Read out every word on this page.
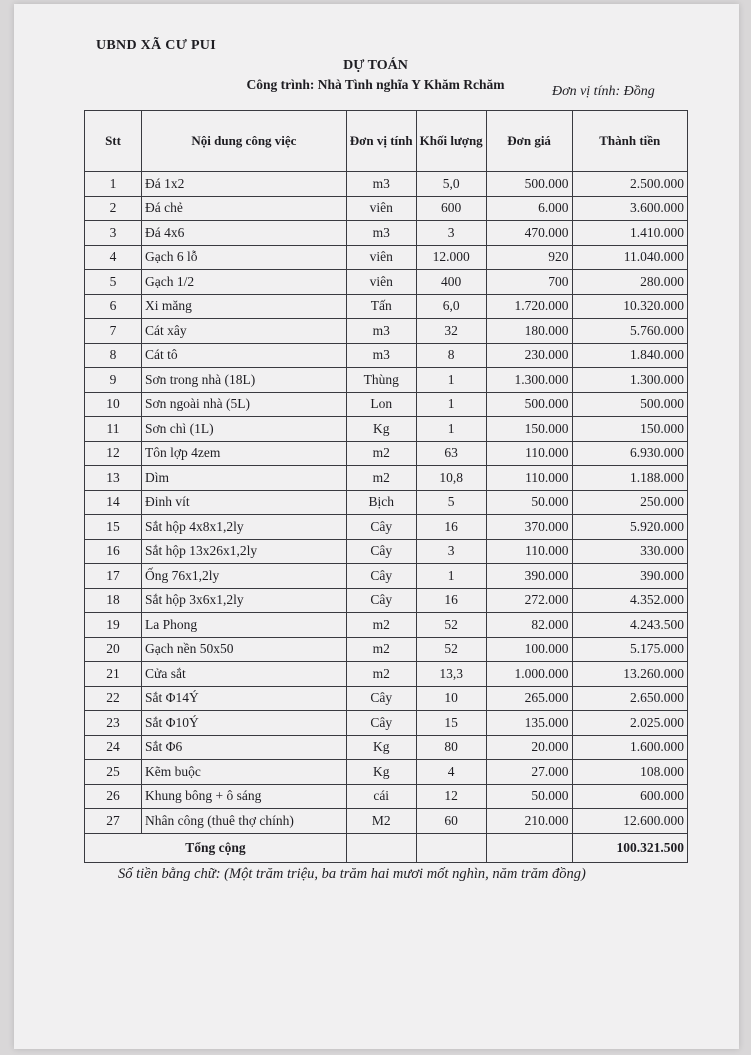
UBND XÃ CƯ PUI
DỰ TOÁN
Công trình: Nhà Tình nghĩa Y Khăm Rchăm	Đơn vị tính: Đồng
Stt	Nội dung công việc	Đơn vị tính	Khối lượng	Đơn giá	Thành tiền
1	Đá 1x2	m3	5,0	500.000	2.500.000
2	Đá chẻ	viên	600	6.000	3.600.000
3	Đá 4x6	m3	3	470.000	1.410.000
4	Gạch 6 lỗ	viên	12.000	920	11.040.000
5	Gạch 1/2	viên	400	700	280.000
6	Xi măng	Tấn	6,0	1.720.000	10.320.000
7	Cát xây	m3	32	180.000	5.760.000
8	Cát tô	m3	8	230.000	1.840.000
9	Sơn trong nhà (18L)	Thùng	1	1.300.000	1.300.000
10	Sơn ngoài nhà (5L)	Lon	1	500.000	500.000
11	Sơn chì (1L)	Kg	1	150.000	150.000
12	Tôn lợp 4zem	m2	63	110.000	6.930.000
13	Dìm	m2	10,8	110.000	1.188.000
14	Đinh vít	Bịch	5	50.000	250.000
15	Sắt hộp 4x8x1,2ly	Cây	16	370.000	5.920.000
16	Sắt hộp 13x26x1,2ly	Cây	3	110.000	330.000
17	Ống 76x1,2ly	Cây	1	390.000	390.000
18	Sắt hộp 3x6x1,2ly	Cây	16	272.000	4.352.000
19	La Phong	m2	52	82.000	4.243.500
20	Gạch nền 50x50	m2	52	100.000	5.175.000
21	Cửa sắt	m2	13,3	1.000.000	13.260.000
22	Sắt Φ14Ý	Cây	10	265.000	2.650.000
23	Sắt Φ10Ý	Cây	15	135.000	2.025.000
24	Sắt Φ6	Kg	80	20.000	1.600.000
25	Kẽm buộc	Kg	4	27.000	108.000
26	Khung bông + ô sáng	cái	12	50.000	600.000
27	Nhân công (thuê thợ chính)	M2	60	210.000	12.600.000
Tổng cộng					100.321.500
Số tiền bằng chữ: (Một trăm triệu, ba trăm hai mươi mốt nghìn, năm trăm đồng)
